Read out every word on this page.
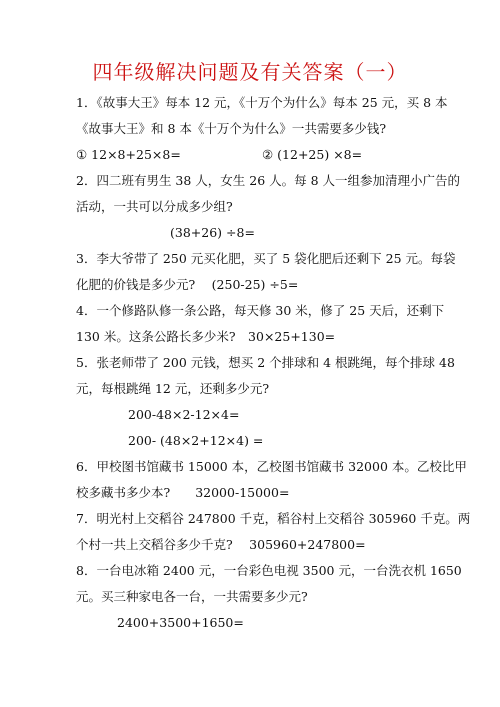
四年级解决问题及有关答案（一）
1．《故事大王》每本 12 元，《十万个为什么》每本 25 元，买 8 本
《故事大王》和 8 本《十万个为什么》一共需要多少钱?
① 12×8+25×8=	② (12+25) ×8=
2．四二班有男生 38 人，女生 26 人。每 8 人一组参加清理小广告的
活动，一共可以分成多少组?
(38+26) ÷8=
3．李大爷带了 250 元买化肥，买了 5 袋化肥后还剩下 25 元。每袋
化肥的价钱是多少元?　 (250-25) ÷5=
4．一个修路队修一条公路，每天修 30 米，修了 25 天后，还剩下
130 米。这条公路长多少米?　30×25+130=
5．张老师带了 200 元钱，想买 2 个排球和 4 根跳绳，每个排球 48
元，每根跳绳 12 元，还剩多少元?
200-48×2-12×4=
200- (48×2+12×4) =
6．甲校图书馆藏书 15000 本，乙校图书馆藏书 32000 本。乙校比甲
校多藏书多少本?　　32000-15000=
7．明光村上交稻谷 247800 千克，稻谷村上交稻谷 305960 千克。两
个村一共上交稻谷多少千克?　 305960+247800=
8．一台电冰箱 2400 元，一台彩色电视 3500 元，一台洗衣机 1650
元。买三种家电各一台，一共需要多少元?
2400+3500+1650=
